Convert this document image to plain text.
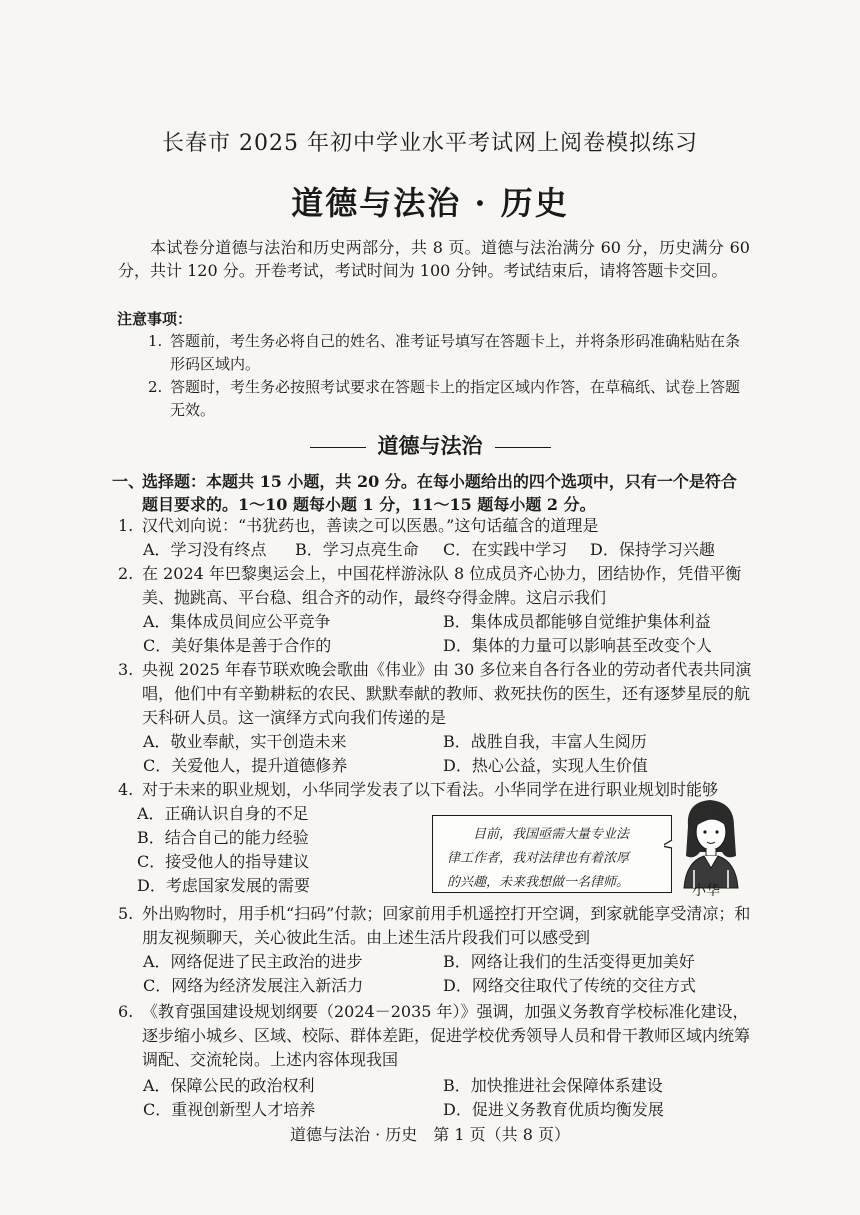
长春市 2025 年初中学业水平考试网上阅卷模拟练习
道德与法治 · 历史
本试卷分道德与法治和历史两部分，共 8 页。道德与法治满分 60 分，历史满分 60 分，共计 120 分。开卷考试，考试时间为 100 分钟。考试结束后，请将答题卡交回。
注意事项：
1. 答题前，考生务必将自己的姓名、准考证号填写在答题卡上，并将条形码准确粘贴在条形码区域内。
2. 答题时，考生务必按照考试要求在答题卡上的指定区域内作答，在草稿纸、试卷上答题无效。
道德与法治
一、
选择题：本题共 15 小题，共 20 分。在每小题给出的四个选项中，只有一个是符合题目要求的。1～10 题每小题 1 分，11～15 题每小题 2 分。
1. 汉代刘向说：“书犹药也，善读之可以医愚。”这句话蕴含的道理是
A．学习没有终点 B．学习点亮生命 C．在实践中学习 D．保持学习兴趣
2. 在 2024 年巴黎奥运会上，中国花样游泳队 8 位成员齐心协力，团结协作，凭借平衡美、抛跳高、平台稳、组合齐的动作，最终夺得金牌。这启示我们
A．集体成员间应公平竞争	B．集体成员都能够自觉维护集体利益
C．美好集体是善于合作的	D．集体的力量可以影响甚至改变个人
3. 央视 2025 年春节联欢晚会歌曲《伟业》由 30 多位来自各行各业的劳动者代表共同演唱，他们中有辛勤耕耘的农民、默默奉献的教师、救死扶伤的医生，还有逐梦星辰的航天科研人员。这一演绎方式向我们传递的是
A．敬业奉献，实干创造未来	B．战胜自我，丰富人生阅历
C．关爱他人，提升道德修养	D．热心公益，实现人生价值
4. 对于未来的职业规划，小华同学发表了以下看法。小华同学在进行职业规划时能够
A．正确认识自身的不足
B．结合自己的能力经验
C．接受他人的指导建议
D．考虑国家发展的需要
目前，我国亟需大量专业法
律工作者，我对法律也有着浓厚
的兴趣，未来我想做一名律师。
小华
5. 外出购物时，用手机“扫码”付款；回家前用手机遥控打开空调，到家就能享受清凉；和朋友视频聊天，关心彼此生活。由上述生活片段我们可以感受到
A．网络促进了民主政治的进步	B．网络让我们的生活变得更加美好
C．网络为经济发展注入新活力	D．网络交往取代了传统的交往方式
6. 《教育强国建设规划纲要（2024－2035 年）》强调，加强义务教育学校标准化建设，逐步缩小城乡、区域、校际、群体差距，促进学校优秀领导人员和骨干教师区域内统筹调配、交流轮岗。上述内容体现我国
A．保障公民的政治权利	B．加快推进社会保障体系建设
C．重视创新型人才培养	D．促进义务教育优质均衡发展
道德与法治 · 历史　第 1 页（共 8 页）
